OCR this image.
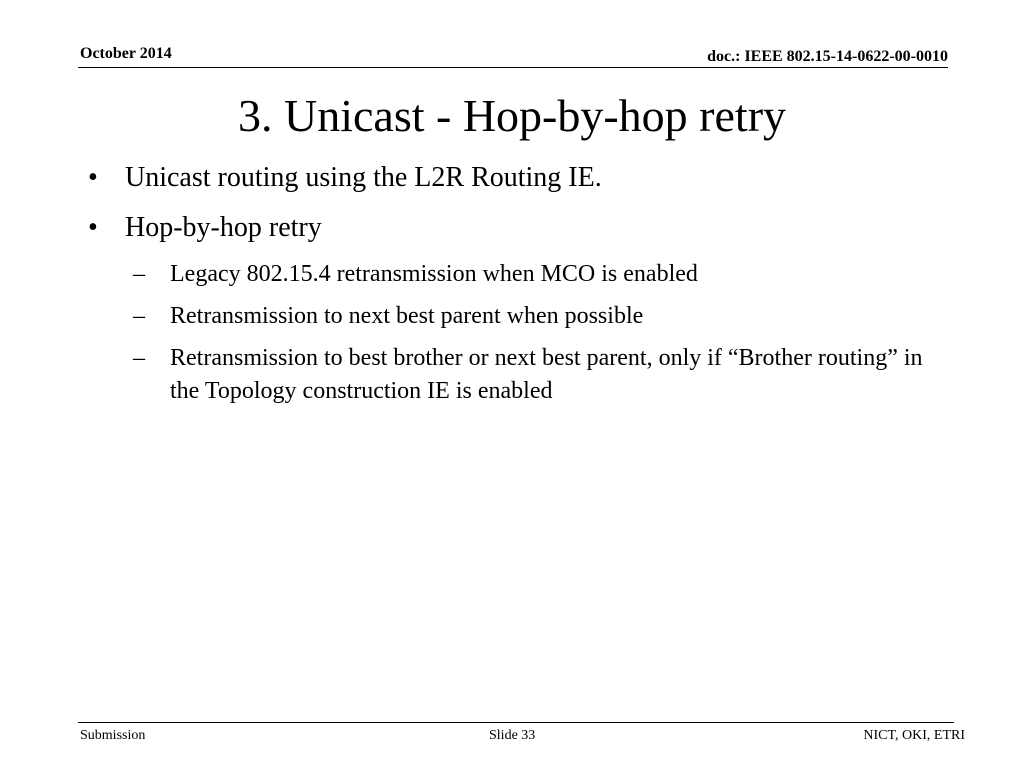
October 2014	doc.: IEEE 802.15-14-0622-00-0010
3. Unicast - Hop-by-hop retry
• Unicast routing using the L2R Routing IE.
• Hop-by-hop retry
– Legacy 802.15.4 retransmission when MCO is enabled
– Retransmission to next best parent when possible
– Retransmission to best brother or next best parent, only if “Brother routing” in the Topology construction IE is enabled
Submission	Slide 33	NICT, OKI, ETRI
